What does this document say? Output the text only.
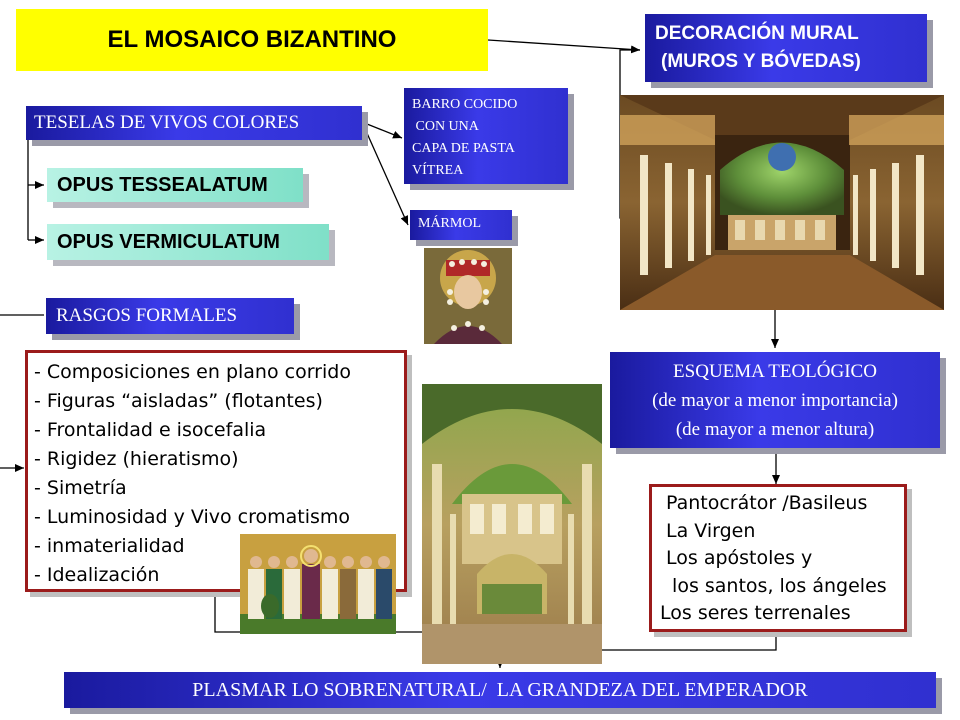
EL MOSAICO BIZANTINO	DECORACIÓN MURAL
(MUROS Y BÓVEDAS)
TESELAS DE VIVOS COLORES
BARRO COCIDO
CON UNA
CAPA DE PASTA
VÍTREA
MÁRMOL
OPUS TESSEALATUM
OPUS VERMICULATUM
RASGOS FORMALES
- Composiciones en plano corrido
- Figuras “aisladas” (flotantes)
- Frontalidad e isocefalia
- Rigidez (hieratismo)
- Simetría
- Luminosidad y Vivo cromatismo
- inmaterialidad
- Idealización
ESQUEMA TEOLÓGICO
(de mayor a menor importancia)
(de mayor a menor altura)
Pantocrátor /Basileus
La Virgen
Los apóstoles y
los santos, los ángeles
Los seres terrenales
PLASMAR LO SOBRENATURAL/  LA GRANDEZA DEL EMPERADOR
